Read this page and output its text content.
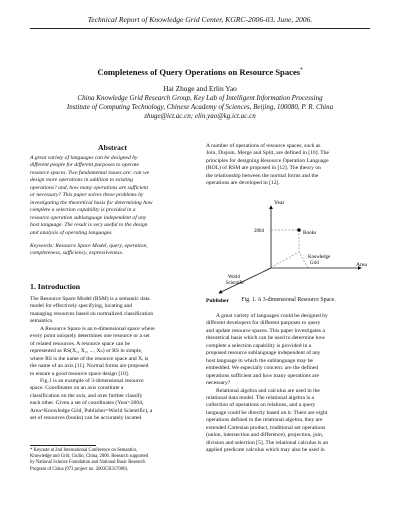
Technical Report of Knowledge Grid Center, KGRC-2006-03, June, 2006.
Completeness of Query Operations on Resource Spaces*
Hai Zhuge and Erlin Yao
China Knowledge Grid Research Group, Key Lab of Intelligent Information Processing
Institute of Computing Technology, Chinese Academy of Sciences, Beijing, 100080, P. R. China
zhuge@ict.ac.cn; elin.yao@kg.ict.ac.cn
Abstract
A great variety of languages can be designed by
different people for different purposes to operate
resource spaces. Two fundamental issues are: can we
design more operations in addition to existing
operations? and, how many operations are sufficient
or necessary? This paper solves these problems by
investigating the theoretical basis for determining how
complete a selection capability is provided in a
resource operation sublanguage independent of any
host language. The result is very useful to the design
and analysis of operating languages.
Keywords: Resource Space Model, query, operation,
completeness, sufficiency, expressiveness.
1. Introduction
The Resource Space Model (RSM) is a semantic data
model for effectively specifying, locating and
managing resources based on normalized classification
semantics.
A Resource Space is an n-dimensional space where
every point uniquely determines one resource or a set
of related resources. A resource space can be
represented as RS(X₁, X₂, ..., Xₙ) or RS in simple,
where RS is the name of the resource space and Xᵢ is
the name of an axis [11]. Normal forms are proposed
to ensure a good resource space design [10].
Fig.1 is an example of 3-dimensional resource
space. Coordinates on an axis constitute a
classification on the axis, and axes further classify
each other. Given a set of coordinates (Year=2004,
Area=Knowledge Grid, Publisher=World Scientific), a
set of resources (books) can be accurately located.
* Keynote at 2nd International Conference on Semantics,
Knowledge and Grid, Guilin, China, 2006. Research supported
by National Science Foundation and National Basic Research
Program of China (973 project no. 2003CB317000).
A number of operations of resource spaces, such as
Join, Disjoin, Merge and Split, are defined in [10]. The
principles for designing Resource Operation Language
(ROL) of RSM are proposed in [12]. The theory on
the relationship between the normal forms and the
operations are developed in [12].
Year
Area
Publisher
2004	Books
Knowledge
Grid
World
Scientific
Fig. 1. A 3-dimensional Resource Space.
A great variety of languages could be designed by
different developers for different purposes to query
and update resource spaces. This paper investigates a
theoretical basis which can be used to determine how
complete a selection capability is provided in a
proposed resource sublanguage independent of any
host language in which the sublanguage may be
embedded. We especially concern: are the defined
operations sufficient and how many operations are
necessary?
Relational algebra and calculus are used in the
relational data model. The relational algebra is a
collection of operations on relations, and a query
language could be directly based on it. There are eight
operations defined in the relational algebra, they are
extended Cartesian product, traditional set operations
(union, intersection and difference), projection, join,
division and selection [5]. The relational calculus is an
applied predicate calculus which may also be used in
